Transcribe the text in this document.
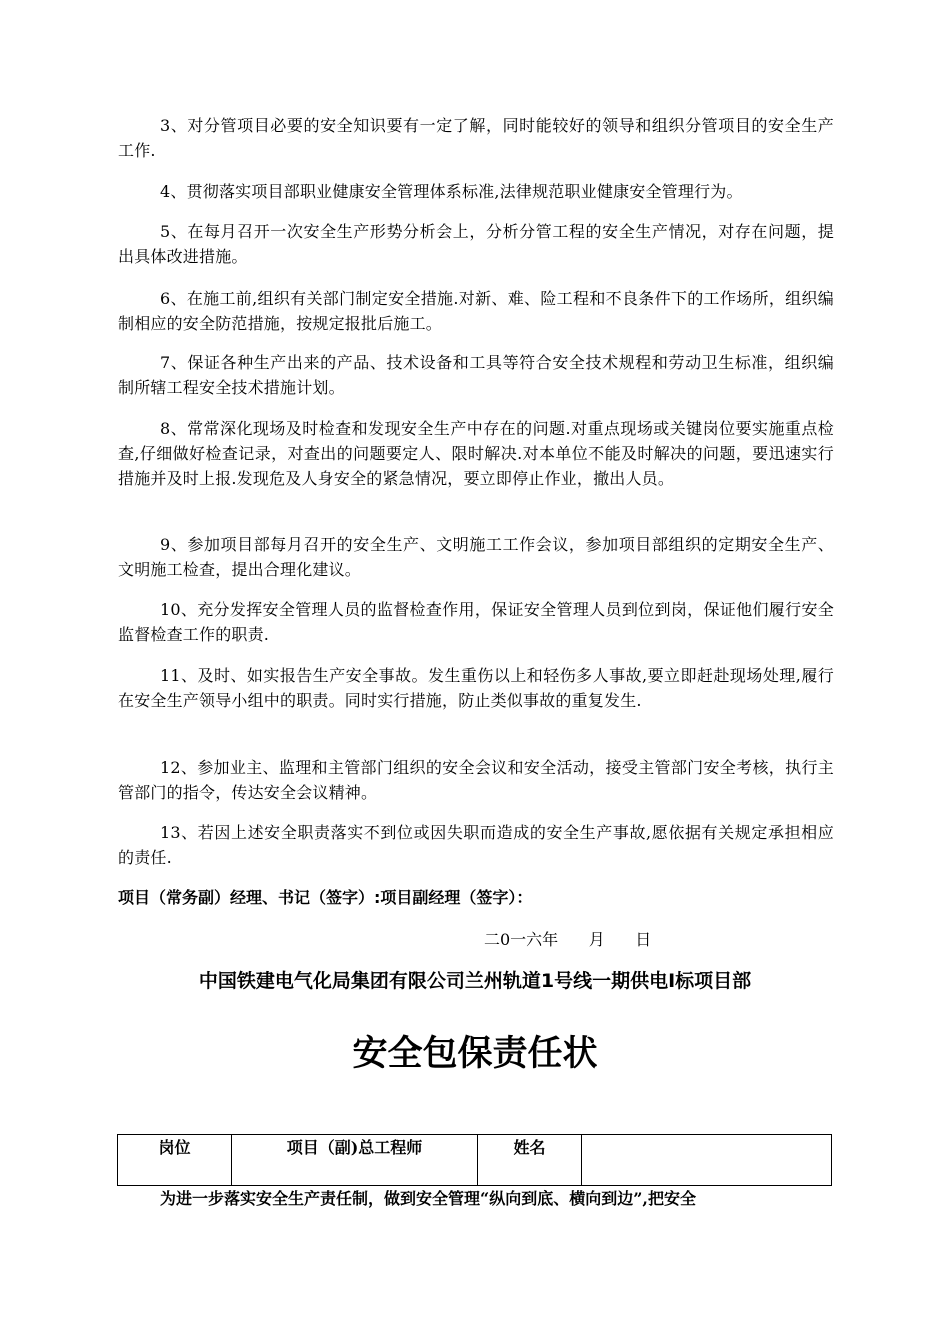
3、对分管项目必要的安全知识要有一定了解，同时能较好的领导和组织分管项目的安全生产工作.

4、贯彻落实项目部职业健康安全管理体系标准,法律规范职业健康安全管理行为。

5、在每月召开一次安全生产形势分析会上，分析分管工程的安全生产情况，对存在问题，提出具体改进措施。

6、在施工前,组织有关部门制定安全措施.对新、难、险工程和不良条件下的工作场所，组织编制相应的安全防范措施，按规定报批后施工。

7、保证各种生产出来的产品、技术设备和工具等符合安全技术规程和劳动卫生标准，组织编制所辖工程安全技术措施计划。

8、常常深化现场及时检查和发现安全生产中存在的问题.对重点现场或关键岗位要实施重点检查,仔细做好检查记录，对查出的问题要定人、限时解决.对本单位不能及时解决的问题，要迅速实行措施并及时上报.发现危及人身安全的紧急情况，要立即停止作业，撤出人员。

9、参加项目部每月召开的安全生产、文明施工工作会议，参加项目部组织的定期安全生产、文明施工检查，提出合理化建议。

10、充分发挥安全管理人员的监督检查作用，保证安全管理人员到位到岗，保证他们履行安全监督检查工作的职责.

11、及时、如实报告生产安全事故。发生重伤以上和轻伤多人事故,要立即赶赴现场处理,履行在安全生产领导小组中的职责。同时实行措施，防止类似事故的重复发生.

12、参加业主、监理和主管部门组织的安全会议和安全活动，接受主管部门安全考核，执行主管部门的指令，传达安全会议精神。

13、若因上述安全职责落实不到位或因失职而造成的安全生产事故,愿依据有关规定承担相应的责任.

项目（常务副）经理、书记（签字）:项目副经理（签字）：
二0一六年      月      日
中国铁建电气化局集团有限公司兰州轨道1号线一期供电Ⅰ标项目部
安全包保责任状
岗位	项目（副)总工程师	姓名	

为进一步落实安全生产责任制，做到安全管理“纵向到底、横向到边”,把安全
